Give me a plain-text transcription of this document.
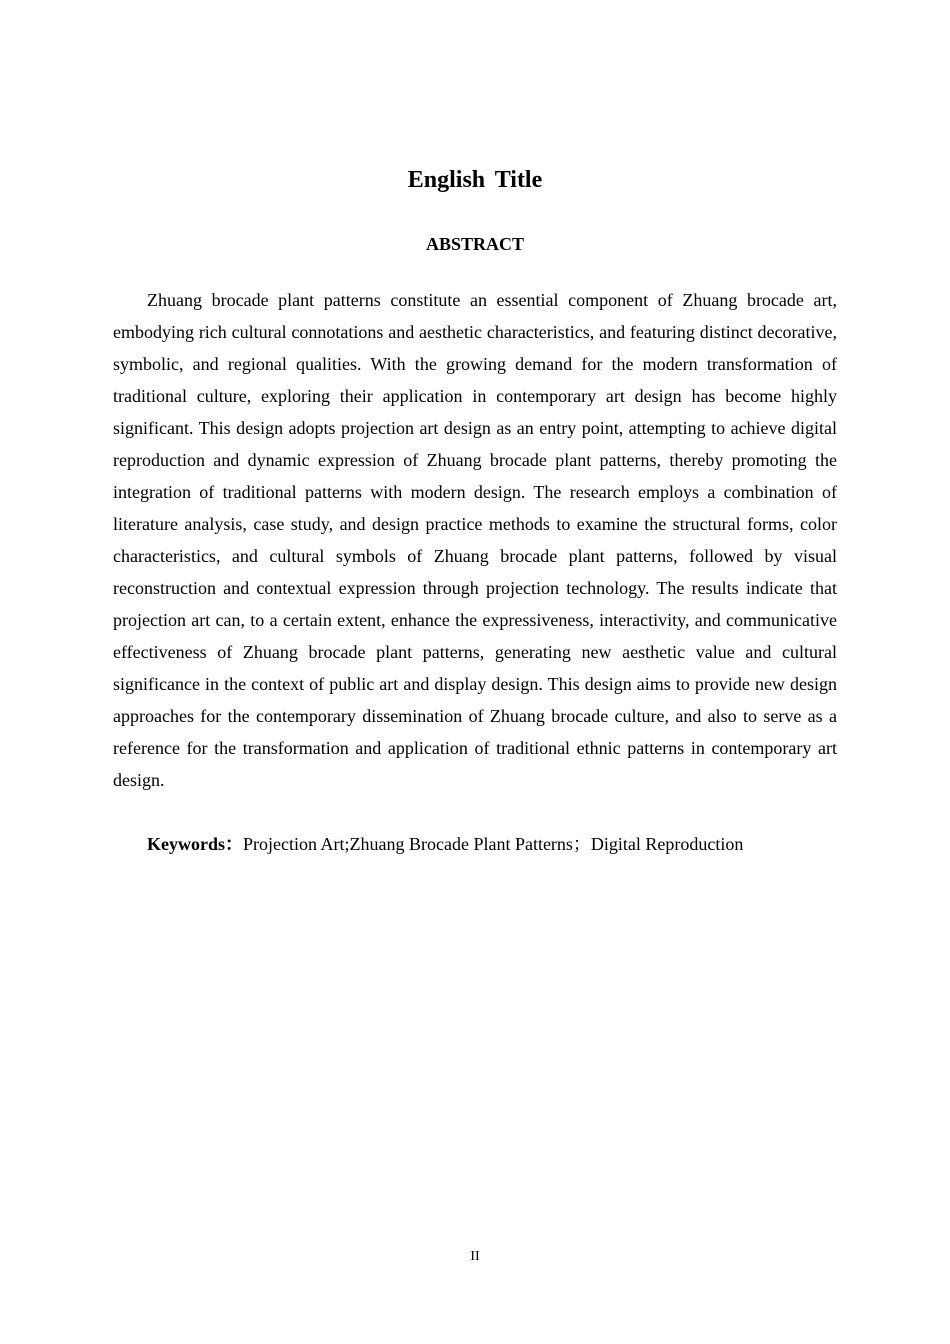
English Title
ABSTRACT

Zhuang brocade plant patterns constitute an essential component of Zhuang brocade art, embodying rich cultural connotations and aesthetic characteristics, and featuring distinct decorative, symbolic, and regional qualities. With the growing demand for the modern transformation of traditional culture, exploring their application in contemporary art design has become highly significant. This design adopts projection art design as an entry point, attempting to achieve digital reproduction and dynamic expression of Zhuang brocade plant patterns, thereby promoting the integration of traditional patterns with modern design. The research employs a combination of literature analysis, case study, and design practice methods to examine the structural forms, color characteristics, and cultural symbols of Zhuang brocade plant patterns, followed by visual reconstruction and contextual expression through projection technology. The results indicate that projection art can, to a certain extent, enhance the expressiveness, interactivity, and communicative effectiveness of Zhuang brocade plant patterns, generating new aesthetic value and cultural significance in the context of public art and display design. This design aims to provide new design approaches for the contemporary dissemination of Zhuang brocade culture, and also to serve as a reference for the transformation and application of traditional ethnic patterns in contemporary art design.

Keywords：Projection Art;Zhuang Brocade Plant Patterns；Digital Reproduction

II
